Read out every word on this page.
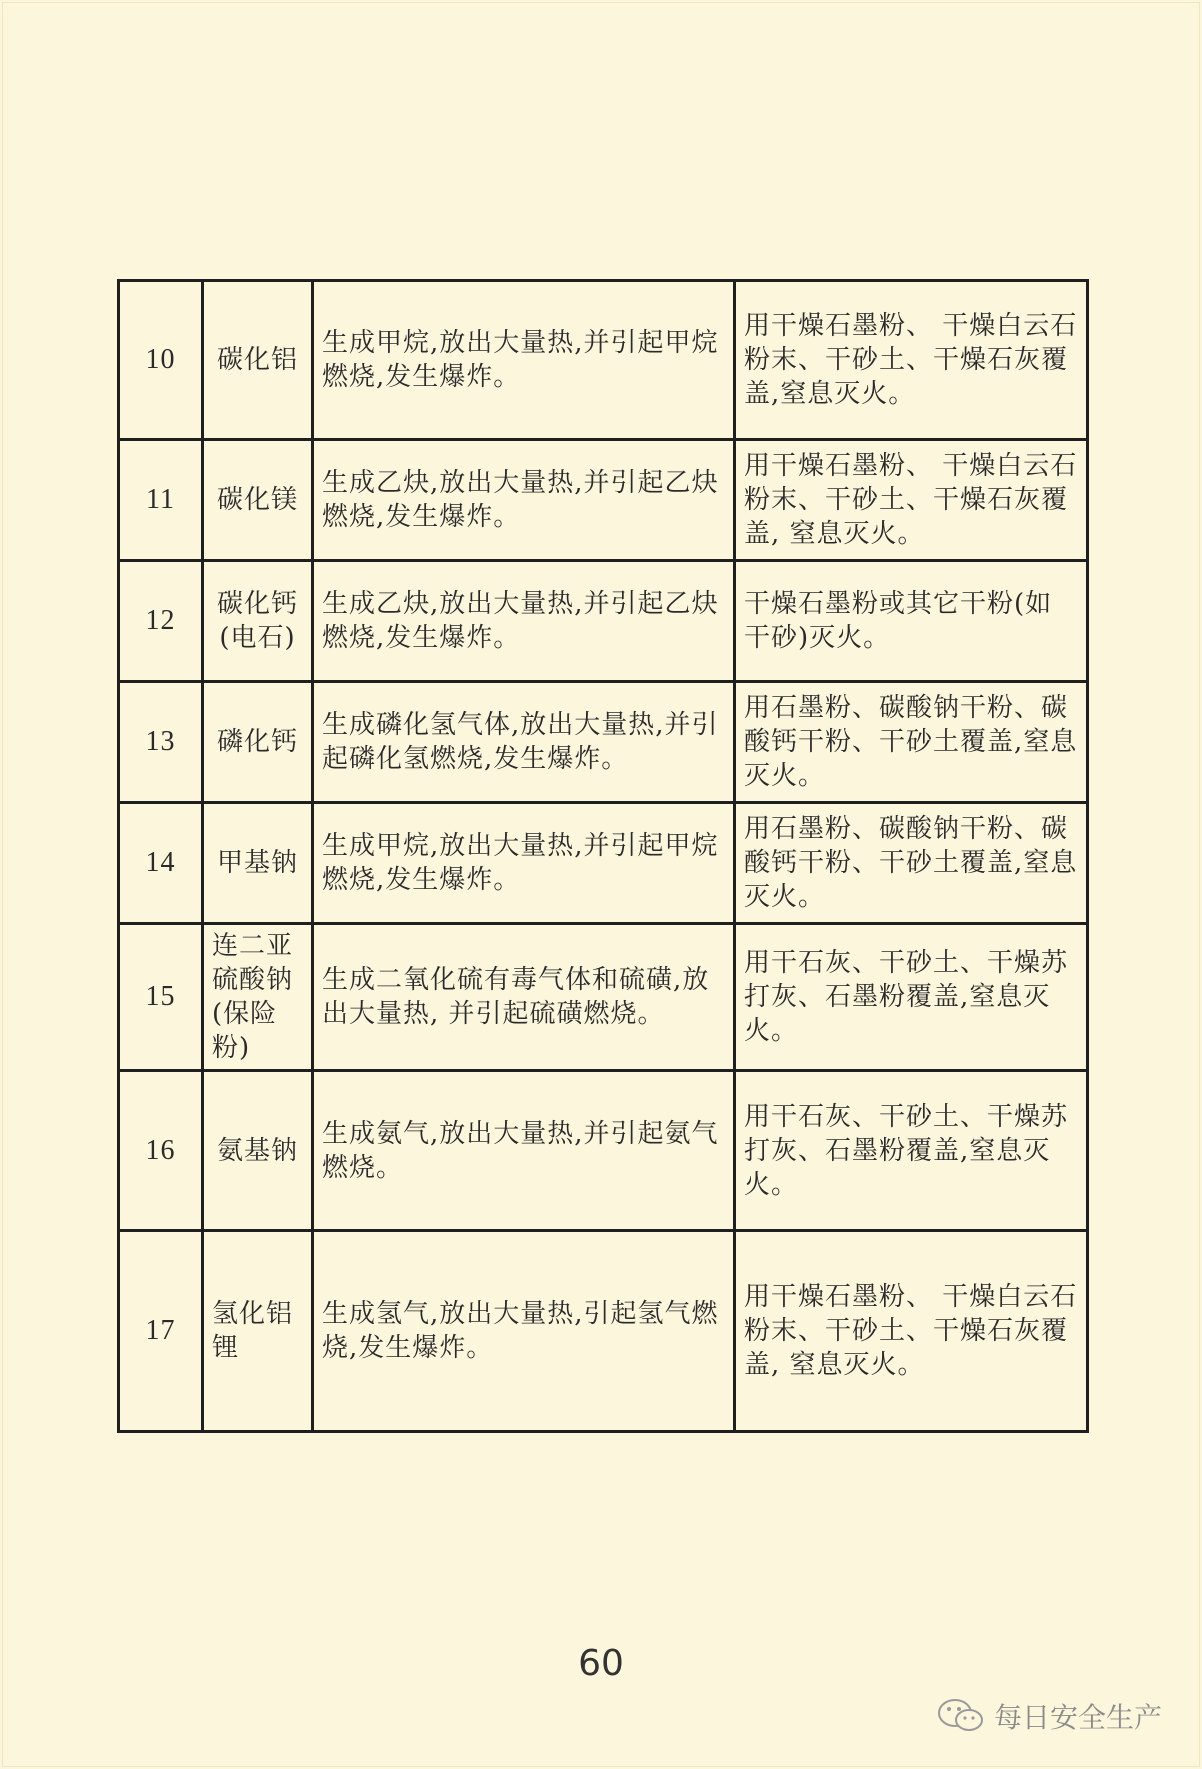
10	碳化铝	生成甲烷,放出大量热,并引起甲烷燃烧,发生爆炸。	用干燥石墨粉、 干燥白云石粉末、干砂土、干燥石灰覆盖,窒息灭火。
11	碳化镁	生成乙炔,放出大量热,并引起乙炔燃烧,发生爆炸。	用干燥石墨粉、 干燥白云石粉末、干砂土、干燥石灰覆盖, 窒息灭火。
12	碳化钙(电石)	生成乙炔,放出大量热,并引起乙炔燃烧,发生爆炸。	干燥石墨粉或其它干粉(如干砂)灭火。
13	磷化钙	生成磷化氢气体,放出大量热,并引起磷化氢燃烧,发生爆炸。	用石墨粉、碳酸钠干粉、碳酸钙干粉、干砂土覆盖,窒息灭火。
14	甲基钠	生成甲烷,放出大量热,并引起甲烷燃烧,发生爆炸。	用石墨粉、碳酸钠干粉、碳酸钙干粉、干砂土覆盖,窒息灭火。
15	连二亚硫酸钠(保险粉)	生成二氧化硫有毒气体和硫磺,放出大量热, 并引起硫磺燃烧。	用干石灰、干砂土、干燥苏打灰、石墨粉覆盖,窒息灭火。
16	氨基钠	生成氨气,放出大量热,并引起氨气燃烧。	用干石灰、干砂土、干燥苏打灰、石墨粉覆盖,窒息灭火。
17	氢化铝锂	生成氢气,放出大量热,引起氢气燃烧,发生爆炸。	用干燥石墨粉、 干燥白云石粉末、干砂土、干燥石灰覆盖, 窒息灭火。
60
每日安全生产
